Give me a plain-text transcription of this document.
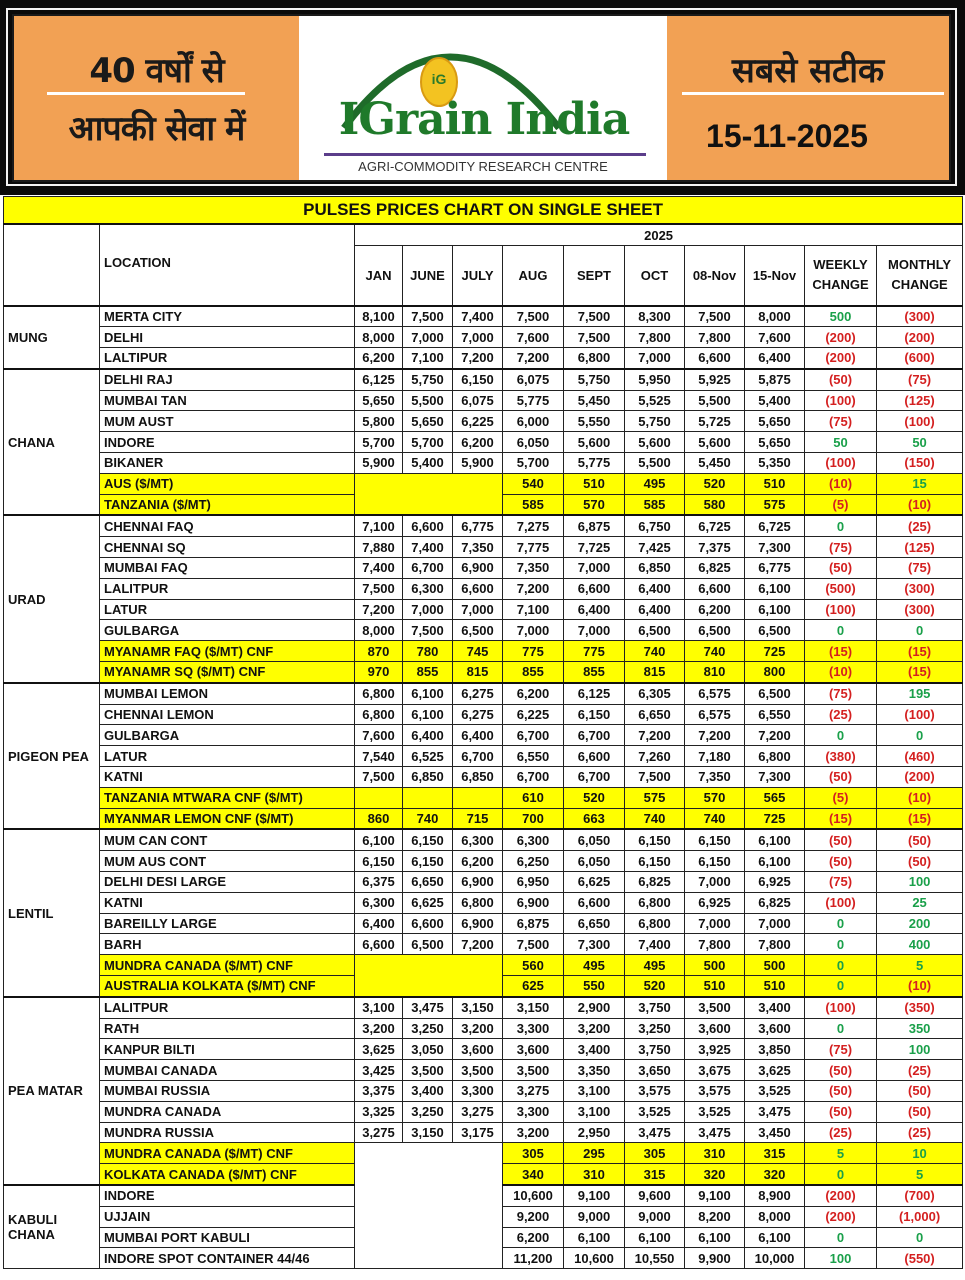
40 वर्षों से
आपकी सेवा में
iG
IGrain India
AGRI-COMMODITY RESEARCH CENTRE
सबसे सटीक
15-11-2025
PULSES PRICES CHART ON SINGLE SHEET											
	LOCATION	2025									
		JAN	JUNE	JULY	AUG	SEPT	OCT	08-Nov	15-Nov	WEEKLY
CHANGE	MONTHLY
CHANGE
MUNG	MERTA CITY	8,100	7,500	7,400	7,500	7,500	8,300	7,500	8,000	500	(300)
	DELHI	8,000	7,000	7,000	7,600	7,500	7,800	7,800	7,600	(200)	(200)
	LALTIPUR	6,200	7,100	7,200	7,200	6,800	7,000	6,600	6,400	(200)	(600)
CHANA	DELHI RAJ	6,125	5,750	6,150	6,075	5,750	5,950	5,925	5,875	(50)	(75)
	MUMBAI TAN	5,650	5,500	6,075	5,775	5,450	5,525	5,500	5,400	(100)	(125)
	MUM AUST	5,800	5,650	6,225	6,000	5,550	5,750	5,725	5,650	(75)	(100)
	INDORE	5,700	5,700	6,200	6,050	5,600	5,600	5,600	5,650	50	50
	BIKANER	5,900	5,400	5,900	5,700	5,775	5,500	5,450	5,350	(100)	(150)
	AUS ($/MT)				540	510	495	520	510	(10)	15
	TANZANIA ($/MT)				585	570	585	580	575	(5)	(10)
URAD	CHENNAI FAQ	7,100	6,600	6,775	7,275	6,875	6,750	6,725	6,725	0	(25)
	CHENNAI SQ	7,880	7,400	7,350	7,775	7,725	7,425	7,375	7,300	(75)	(125)
	MUMBAI FAQ	7,400	6,700	6,900	7,350	7,000	6,850	6,825	6,775	(50)	(75)
	LALITPUR	7,500	6,300	6,600	7,200	6,600	6,400	6,600	6,100	(500)	(300)
	LATUR	7,200	7,000	7,000	7,100	6,400	6,400	6,200	6,100	(100)	(300)
	GULBARGA	8,000	7,500	6,500	7,000	7,000	6,500	6,500	6,500	0	0
	MYANAMR FAQ ($/MT) CNF	870	780	745	775	775	740	740	725	(15)	(15)
	MYANAMR SQ ($/MT) CNF	970	855	815	855	855	815	810	800	(10)	(15)
PIGEON PEA	MUMBAI LEMON	6,800	6,100	6,275	6,200	6,125	6,305	6,575	6,500	(75)	195
	CHENNAI LEMON	6,800	6,100	6,275	6,225	6,150	6,650	6,575	6,550	(25)	(100)
	GULBARGA	7,600	6,400	6,400	6,700	6,700	7,200	7,200	7,200	0	0
	LATUR	7,540	6,525	6,700	6,550	6,600	7,260	7,180	6,800	(380)	(460)
	KATNI	7,500	6,850	6,850	6,700	6,700	7,500	7,350	7,300	(50)	(200)
	TANZANIA MTWARA CNF ($/MT)				610	520	575	570	565	(5)	(10)
	MYANMAR LEMON CNF ($/MT)	860	740	715	700	663	740	740	725	(15)	(15)
LENTIL	MUM CAN CONT	6,100	6,150	6,300	6,300	6,050	6,150	6,150	6,100	(50)	(50)
	MUM AUS CONT	6,150	6,150	6,200	6,250	6,050	6,150	6,150	6,100	(50)	(50)
	DELHI DESI LARGE	6,375	6,650	6,900	6,950	6,625	6,825	7,000	6,925	(75)	100
	KATNI	6,300	6,625	6,800	6,900	6,600	6,800	6,925	6,825	(100)	25
	BAREILLY LARGE	6,400	6,600	6,900	6,875	6,650	6,800	7,000	7,000	0	200
	BARH	6,600	6,500	7,200	7,500	7,300	7,400	7,800	7,800	0	400
	MUNDRA CANADA ($/MT) CNF				560	495	495	500	500	0	5
	AUSTRALIA KOLKATA ($/MT) CNF				625	550	520	510	510	0	(10)
PEA MATAR	LALITPUR	3,100	3,475	3,150	3,150	2,900	3,750	3,500	3,400	(100)	(350)
	RATH	3,200	3,250	3,200	3,300	3,200	3,250	3,600	3,600	0	350
	KANPUR BILTI	3,625	3,050	3,600	3,600	3,400	3,750	3,925	3,850	(75)	100
	MUMBAI CANADA	3,425	3,500	3,500	3,500	3,350	3,650	3,675	3,625	(50)	(25)
	MUMBAI RUSSIA	3,375	3,400	3,300	3,275	3,100	3,575	3,575	3,525	(50)	(50)
	MUNDRA CANADA	3,325	3,250	3,275	3,300	3,100	3,525	3,525	3,475	(50)	(50)
	MUNDRA RUSSIA	3,275	3,150	3,175	3,200	2,950	3,475	3,475	3,450	(25)	(25)
	MUNDRA CANADA ($/MT) CNF				305	295	305	310	315	5	10
	KOLKATA CANADA ($/MT) CNF				340	310	315	320	320	0	5
KABULI CHANA	INDORE				10,600	9,100	9,600	9,100	8,900	(200)	(700)
	UJJAIN				9,200	9,000	9,000	8,200	8,000	(200)	(1,000)
	MUMBAI PORT KABULI				6,200	6,100	6,100	6,100	6,100	0	0
	INDORE SPOT CONTAINER 44/46				11,200	10,600	10,550	9,900	10,000	100	(550)
